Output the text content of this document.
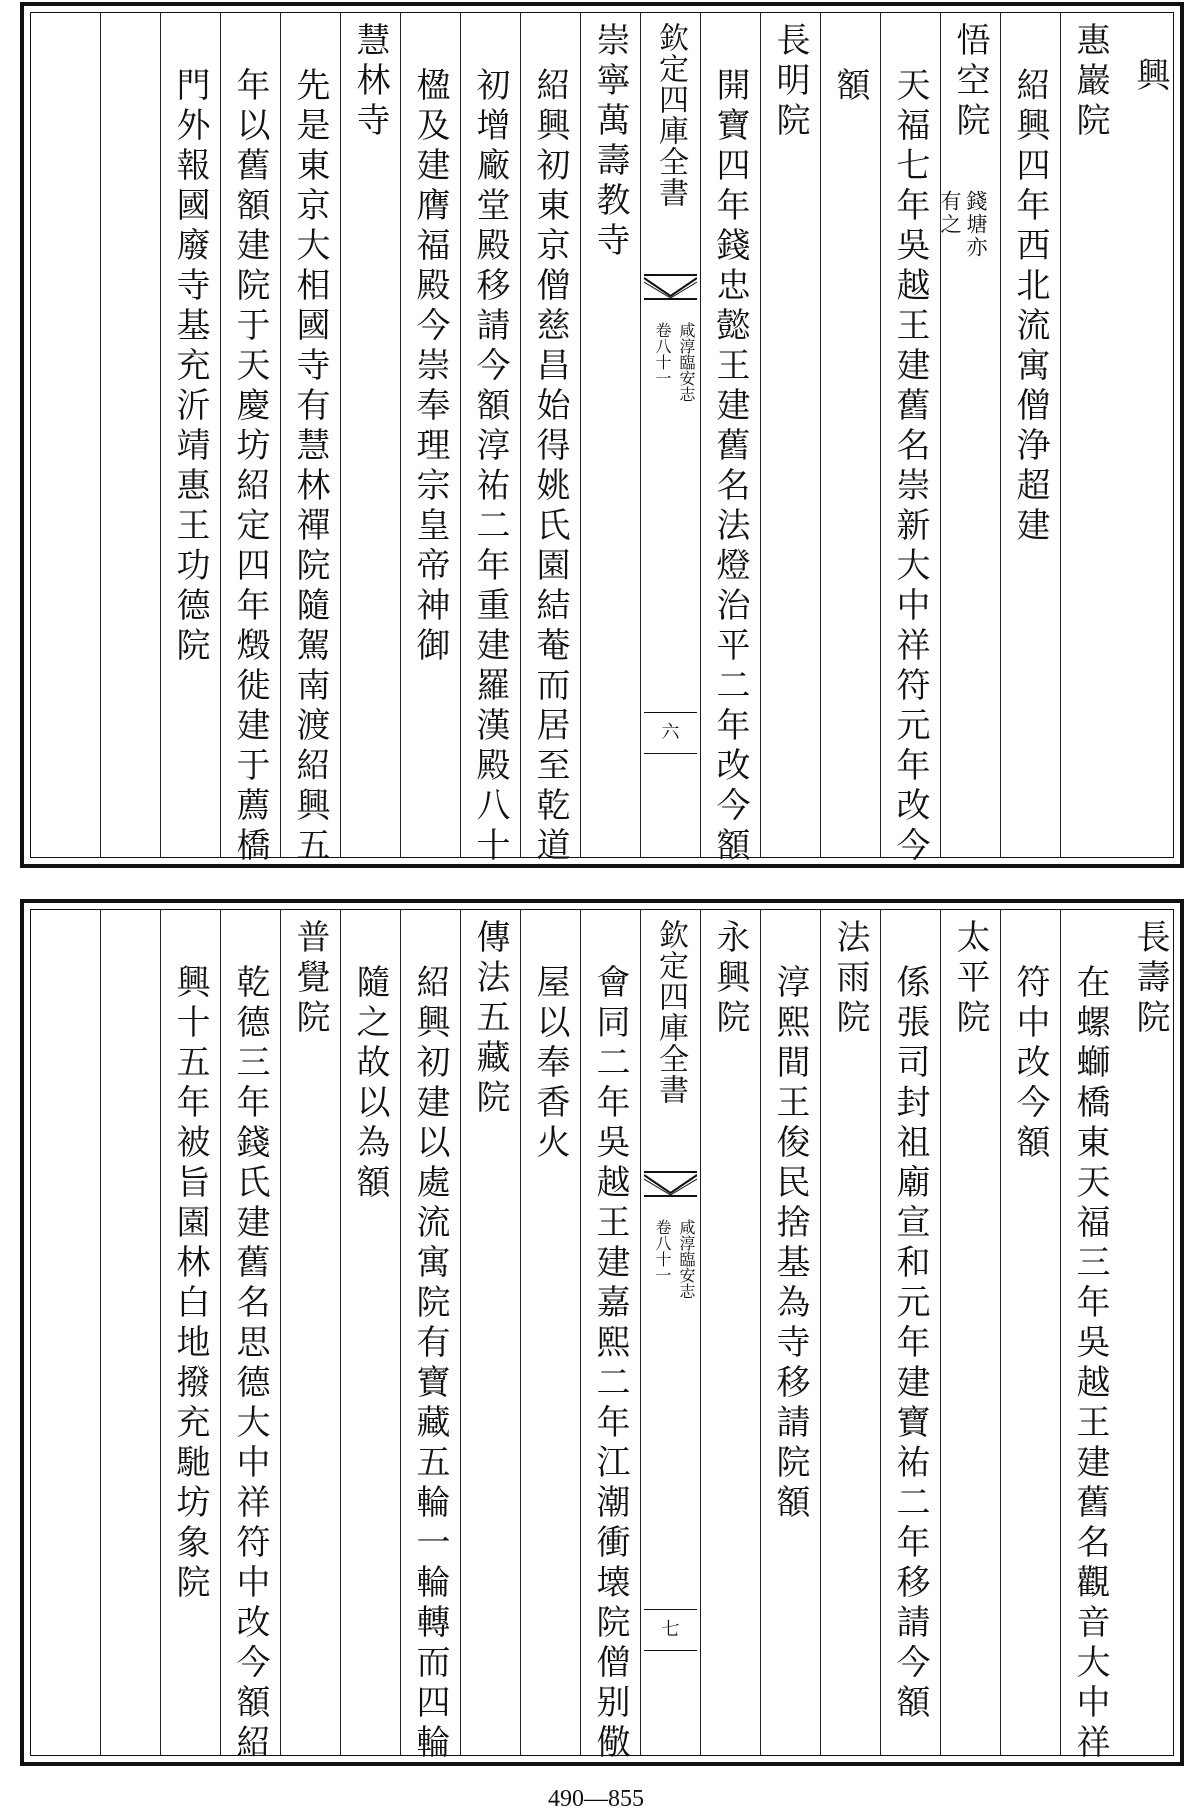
興
惠巖院
紹興四年西北流寓僧浄超建
悟空院
錢塘亦
有之
天福七年吳越王建舊名崇新大中祥符元年改今
額
長明院
開寶四年錢忠懿王建舊名法燈治平二年改今額
欽定四庫全書
咸淳臨安志
卷八十一
六
崇寧萬壽教寺
紹興初東京僧慈昌始得姚氏園結菴而居至乾道
初增廠堂殿移請今額淳祐二年重建羅漢殿八十
楹及建膺福殿今崇奉理宗皇帝神御
慧林寺
先是東京大相國寺有慧林禪院隨駕南渡紹興五
年以舊額建院于天慶坊紹定四年燬徙建于薦橋
門外報國廢寺基充沂靖惠王功德院
長壽院
在螺螄橋東天福三年吳越王建舊名觀音大中祥
符中改今額
太平院
係張司封祖廟宣和元年建寶祐二年移請今額
法雨院
淳熙間王俊民捨基為寺移請院額
永興院
欽定四庫全書
咸淳臨安志
卷八十一
七
會同二年吳越王建嘉熙二年江潮衝壊院僧别儆
屋以奉香火
傳法五藏院
紹興初建以處流寓院有寶藏五輪一輪轉而四輪
隨之故以為額
普覺院
乾德三年錢氏建舊名思德大中祥符中改今額紹
興十五年被旨園林白地撥充馳坊象院
490—855
